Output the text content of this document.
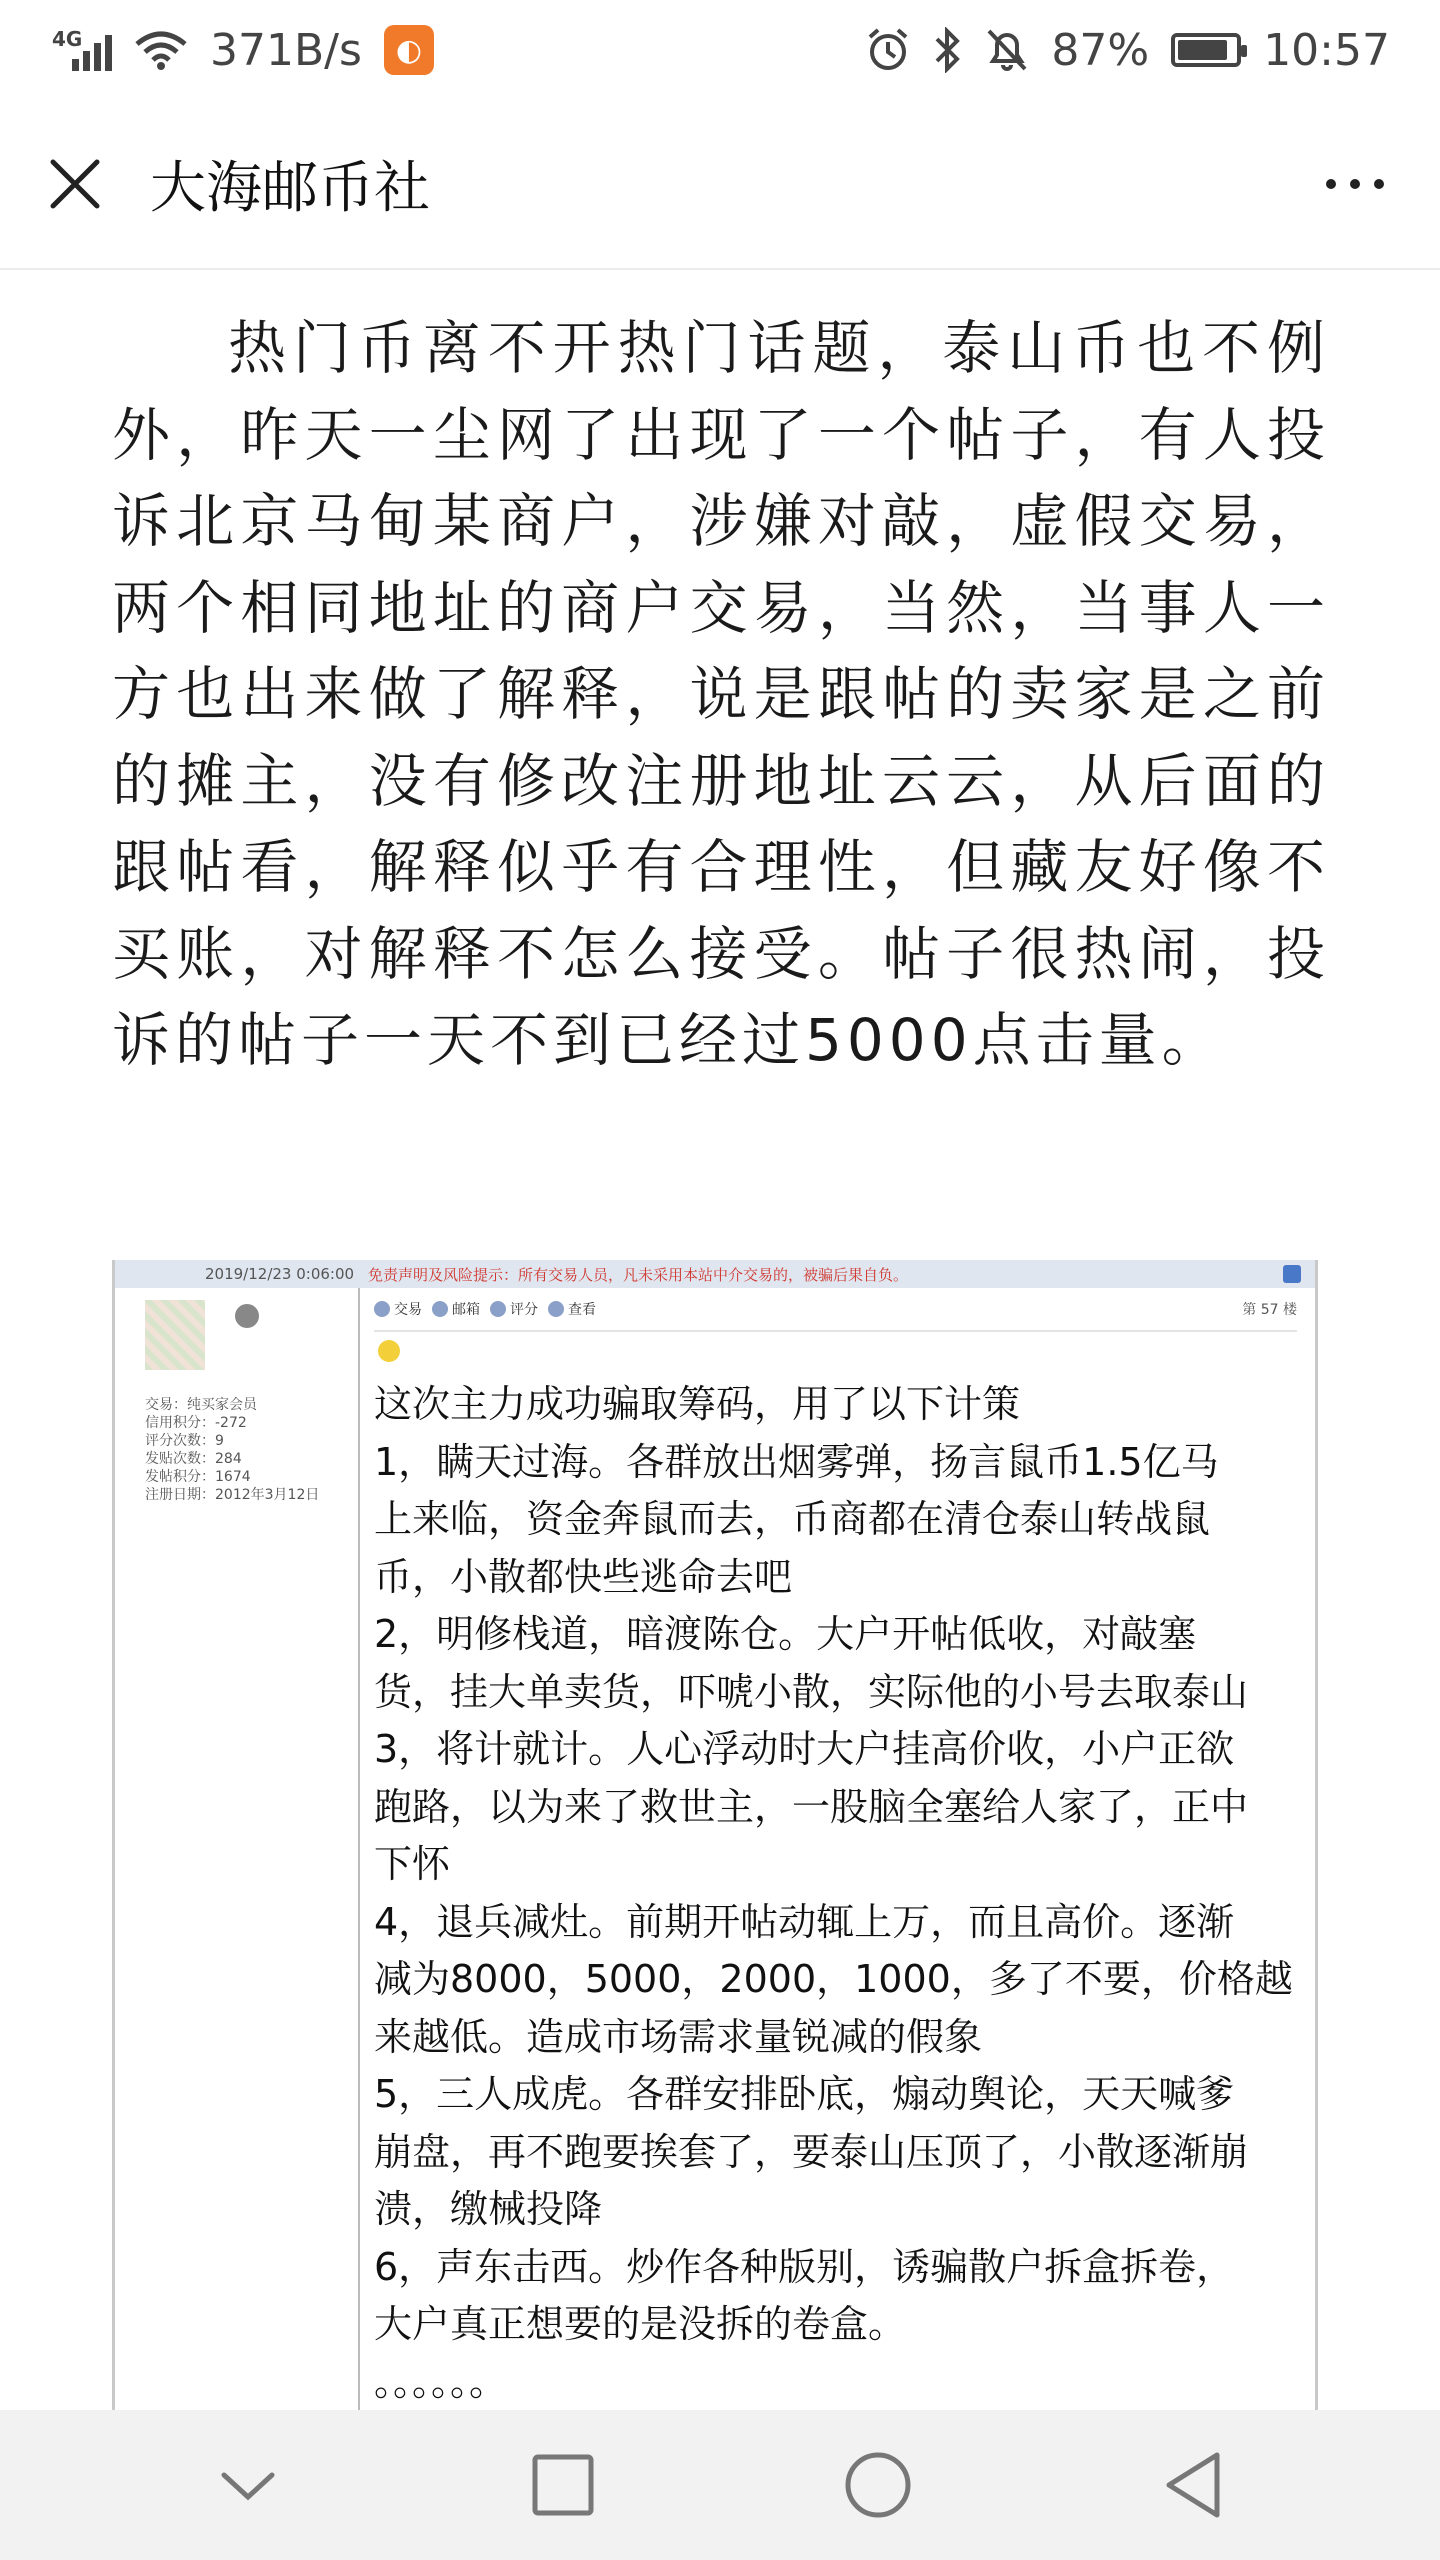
4G	371B/s	◐	87%	10:57
大海邮币社
热门币离不开热门话题，泰山币也不例外，昨天一尘网了出现了一个帖子，有人投诉北京马甸某商户，涉嫌对敲，虚假交易，两个相同地址的商户交易，当然，当事人一方也出来做了解释，说是跟帖的卖家是之前的摊主，没有修改注册地址云云，从后面的跟帖看，解释似乎有合理性，但藏友好像不买账，对解释不怎么接受。帖子很热闹，投诉的帖子一天不到已经过5000点击量。
2019/12/23 0:06:00 免责声明及风险提示：所有交易人员，凡未采用本站中介交易的，被骗后果自负。
交易：纯买家会员
信用积分：-272
评分次数：9
发贴次数：284
发帖积分：1674
注册日期：2012年3月12日
交易 邮箱 评分 查看	第 57 楼
这次主力成功骗取筹码，用了以下计策
1，瞒天过海。各群放出烟雾弹，扬言鼠币1.5亿马
上来临，资金奔鼠而去，币商都在清仓泰山转战鼠
币，小散都快些逃命去吧
2，明修栈道，暗渡陈仓。大户开帖低收，对敲塞
货，挂大单卖货，吓唬小散，实际他的小号去取泰山
3，将计就计。人心浮动时大户挂高价收，小户正欲
跑路，以为来了救世主，一股脑全塞给人家了，正中
下怀
4，退兵减灶。前期开帖动辄上万，而且高价。逐渐
减为8000，5000，2000，1000，多了不要，价格越
来越低。造成市场需求量锐减的假象
5，三人成虎。各群安排卧底，煽动舆论，天天喊爹
崩盘，再不跑要挨套了，要泰山压顶了，小散逐渐崩
溃，缴械投降
6，声东击西。炒作各种版别，诱骗散户拆盒拆卷，
大户真正想要的是没拆的卷盒。
。。。。。。
